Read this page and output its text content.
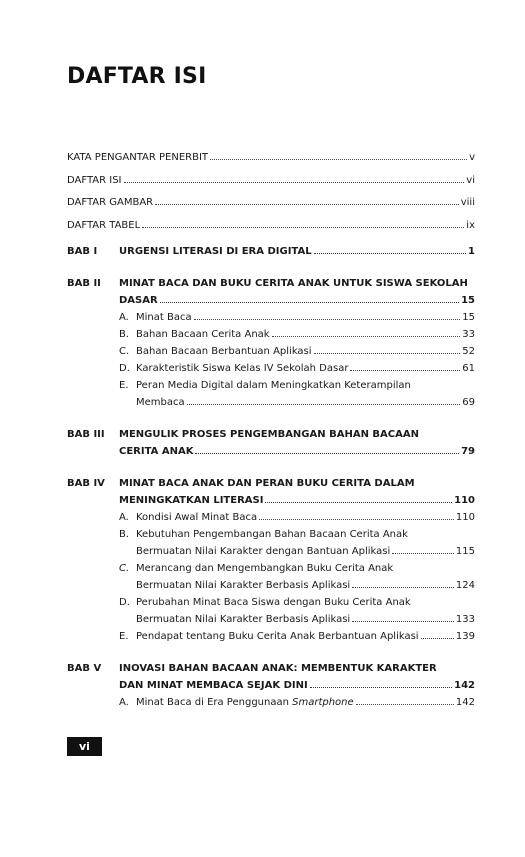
DAFTAR ISI
KATA PENGANTAR PENERBIT	v
DAFTAR ISI	vi
DAFTAR GAMBAR	viii
DAFTAR TABEL	ix
BAB I URGENSI LITERASI DI ERA DIGITAL	1
BAB II MINAT BACA DAN BUKU CERITA ANAK UNTUK SISWA SEKOLAH
DASAR	15
A. Minat Baca	15
B. Bahan Bacaan Cerita Anak	33
C. Bahan Bacaan Berbantuan Aplikasi	52
D. Karakteristik Siswa Kelas IV Sekolah Dasar	61
E. Peran Media Digital dalam Meningkatkan Keterampilan
Membaca	69
BAB III MENGULIK PROSES PENGEMBANGAN BAHAN BACAAN
CERITA ANAK	79
BAB IV MINAT BACA ANAK DAN PERAN BUKU CERITA DALAM
MENINGKATKAN LITERASI	110
A. Kondisi Awal Minat Baca	110
B. Kebutuhan Pengembangan Bahan Bacaan Cerita Anak
Bermuatan Nilai Karakter dengan Bantuan Aplikasi	115
C. Merancang dan Mengembangkan Buku Cerita Anak
Bermuatan Nilai Karakter Berbasis Aplikasi	124
D. Perubahan Minat Baca Siswa dengan Buku Cerita Anak
Bermuatan Nilai Karakter Berbasis Aplikasi	133
E. Pendapat tentang Buku Cerita Anak Berbantuan Aplikasi	139
BAB V INOVASI BAHAN BACAAN ANAK: MEMBENTUK KARAKTER
DAN MINAT MEMBACA SEJAK DINI	142
A. Minat Baca di Era Penggunaan Smartphone	142
vi
